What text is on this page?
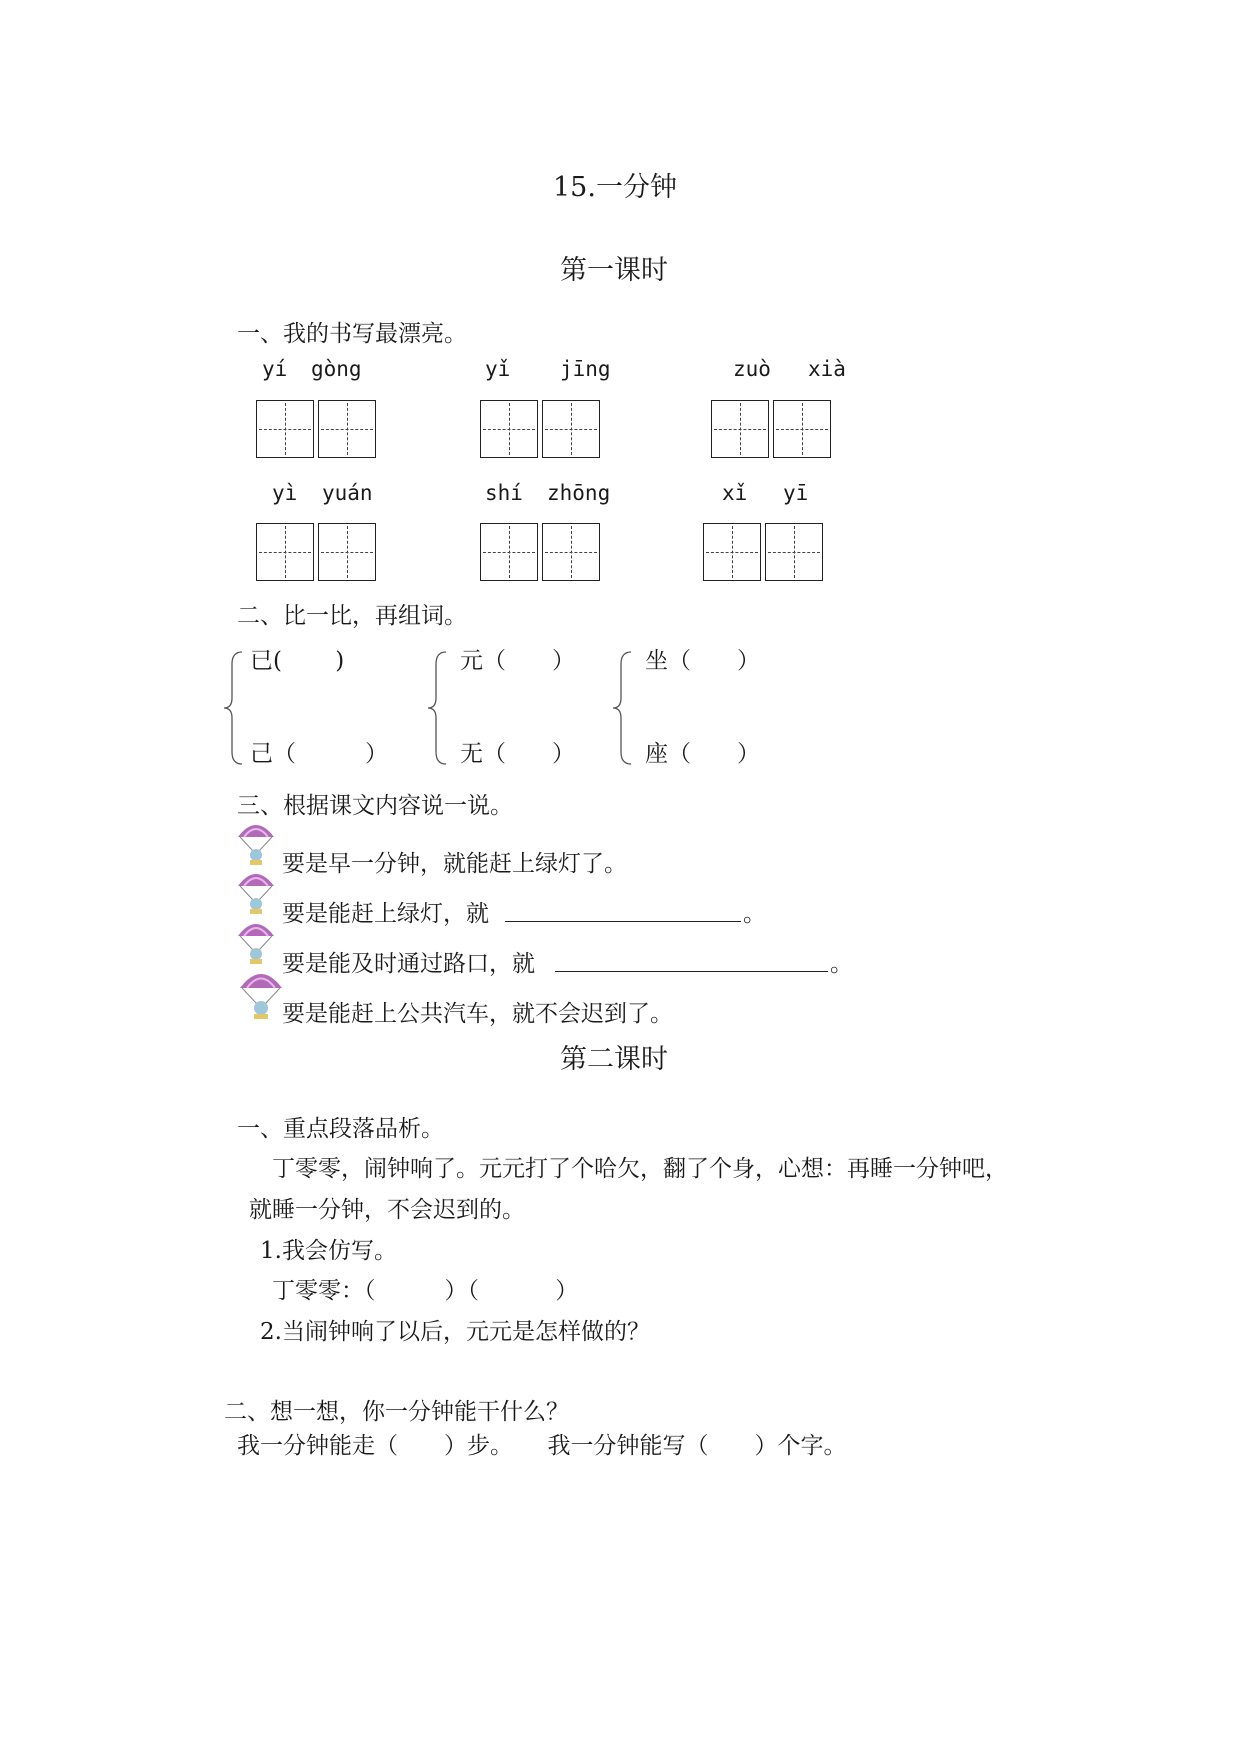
15.一分钟
第一课时
一、我的书写最漂亮。
yí gòng	yǐ jīng	zuò xià
yì yuán	shí zhōng	xǐ yī
二、比一比，再组词。
已(　　 )
己（　　　）
元（　　）
无（　　）
坐（　　）
座（　　）
三、根据课文内容说一说。
要是早一分钟，就能赶上绿灯了。
要是能赶上绿灯，就	。
要是能及时通过路口，就	。
要是能赶上公共汽车，就不会迟到了。
第二课时
一、重点段落品析。
丁零零，闹钟响了。元元打了个哈欠，翻了个身，心想：再睡一分钟吧，
就睡一分钟，不会迟到的。
1.我会仿写。
丁零零：（　　　）（　　　 ）
2.当闹钟响了以后，元元是怎样做的？
二、想一想，你一分钟能干什么？
我一分钟能走（　　）步。　　我一分钟能写（　　）个字。
